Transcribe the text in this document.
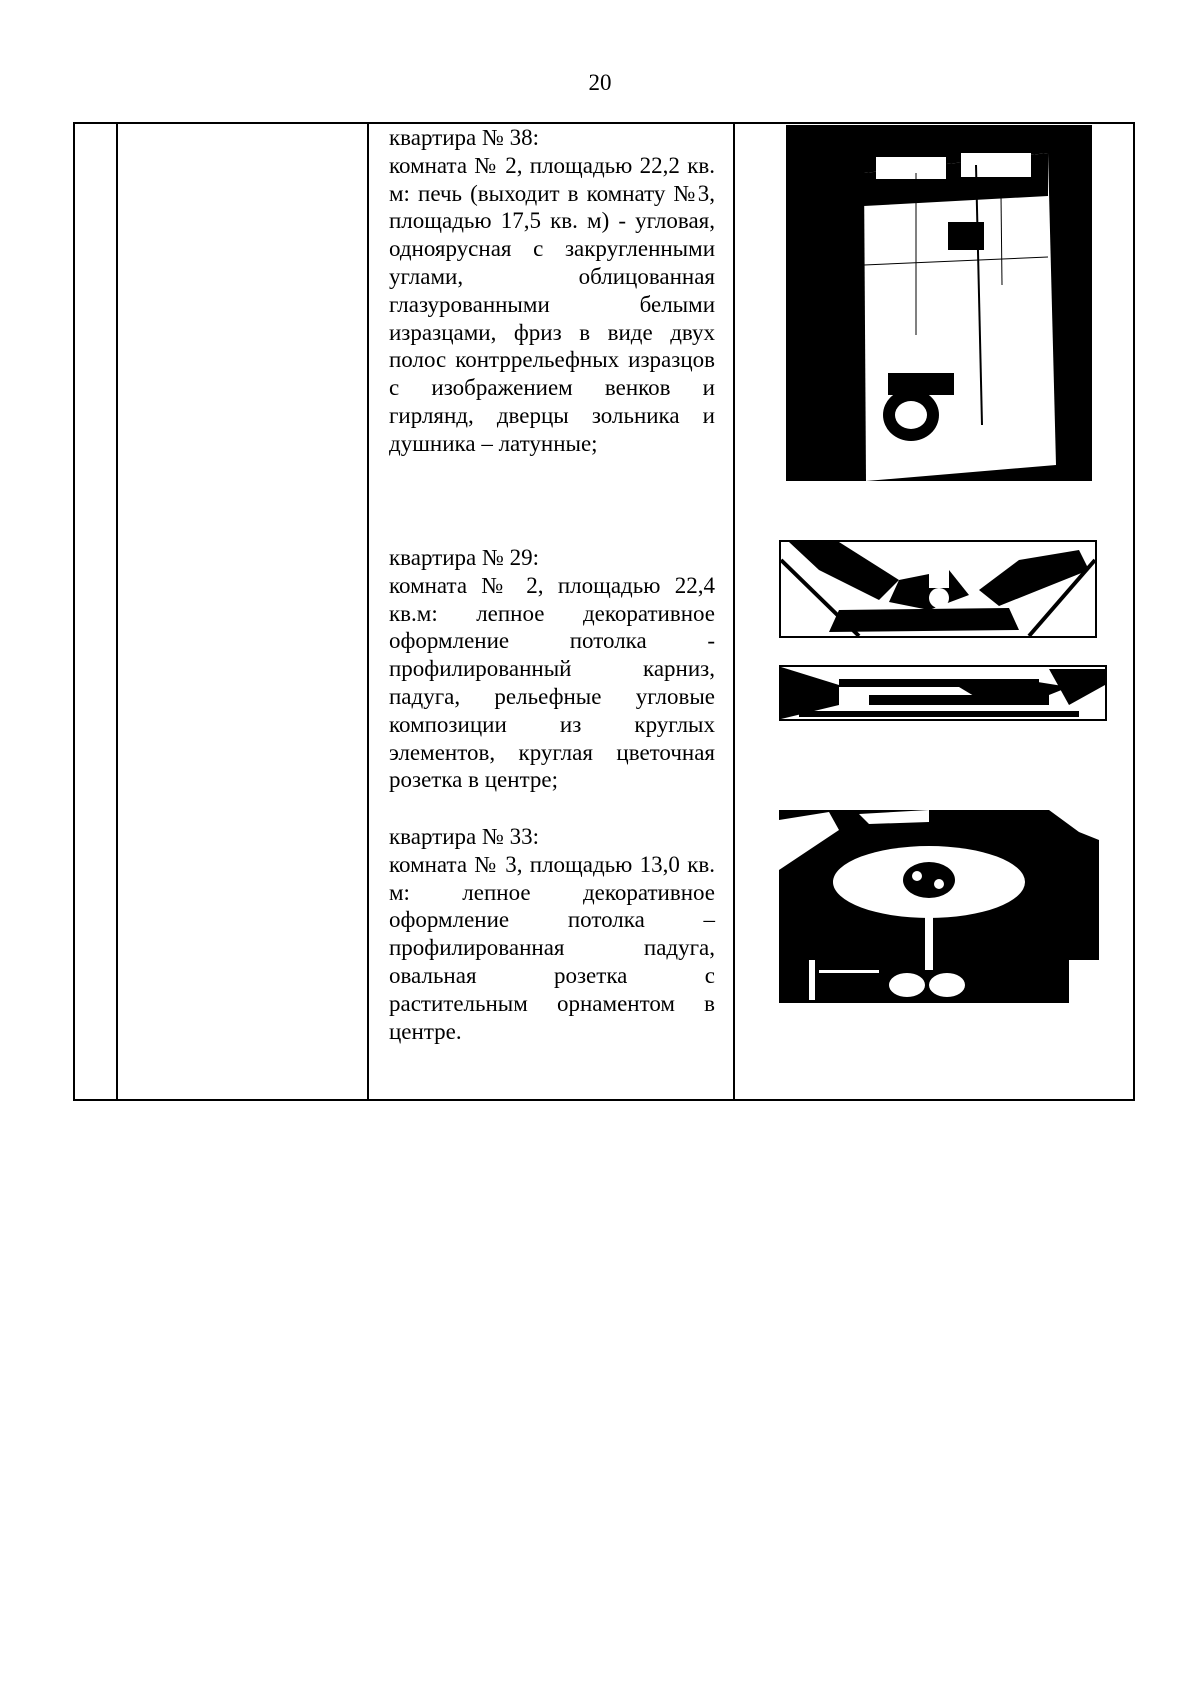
20

квартира № 38:

комната № 2, площадью 22,2 кв. м: печь (выходит в комнату №3, площадью 17,5 кв. м) - угловая, одноярусная с закругленными углами, облицованная глазурованными белыми изразцами, фриз в виде двух полос контррельефных изразцов с изображением венков и гирлянд, дверцы зольника и душника – латунные;

квартира № 29:

комната № 2, площадью 22,4 кв.м: лепное декоративное оформление потолка - профилированный карниз, падуга, рельефные угловые композиции из круглых элементов, круглая цветочная розетка в центре;

квартира № 33:

комната № 3, площадью 13,0 кв. м: лепное декоративное оформление потолка – профилированная падуга, овальная розетка с растительным орнаментом в центре.
